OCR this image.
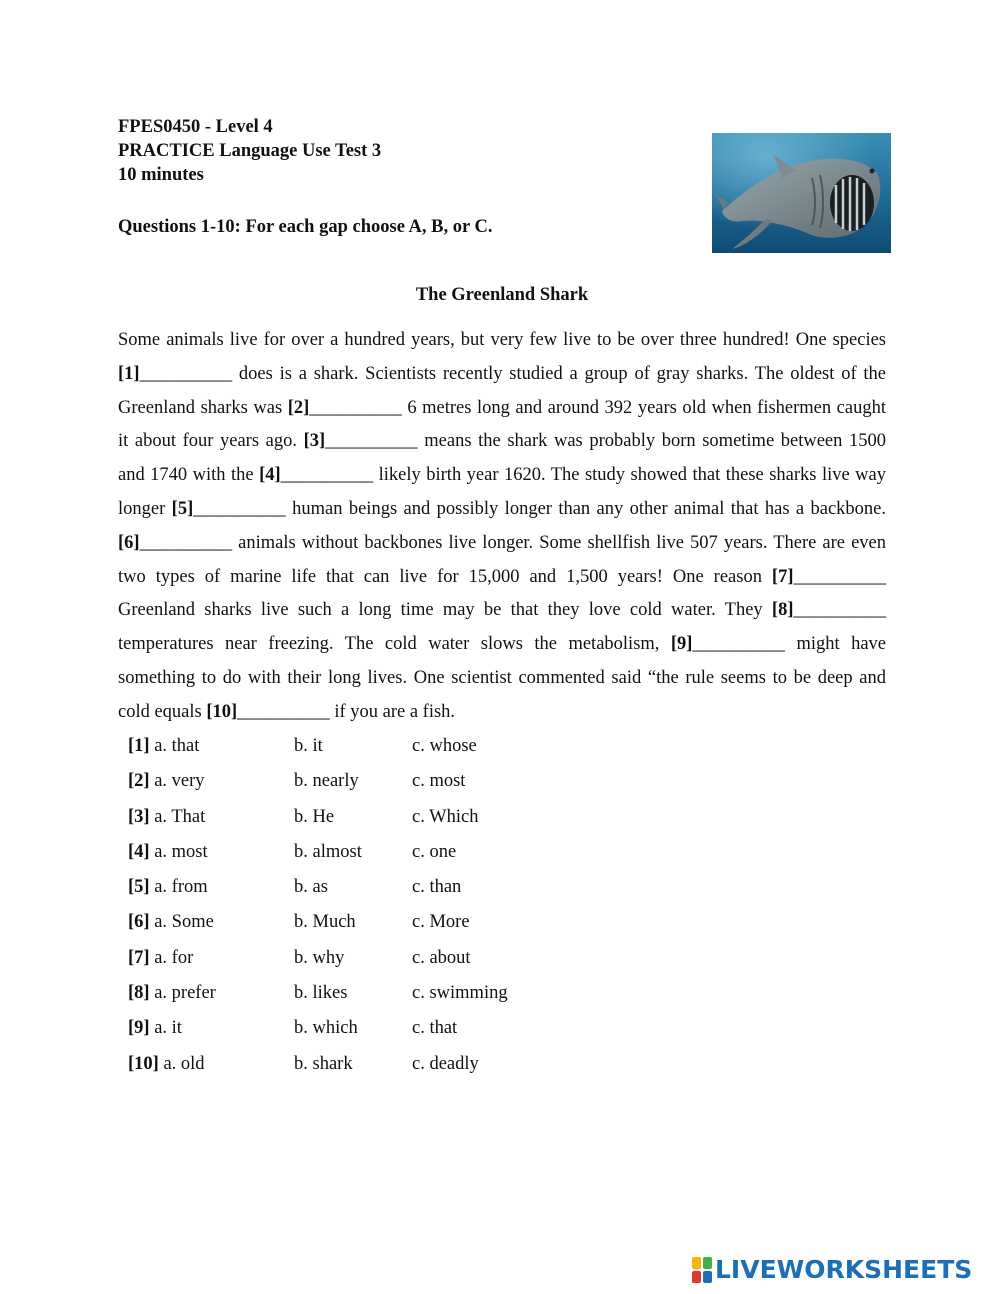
FPES0450 - Level 4
PRACTICE Language Use Test 3
10 minutes
Questions 1-10: For each gap choose A, B, or C.
The Greenland Shark
Some animals live for over a hundred years, but very few live to be over three hundred! One species [1]__________ does is a shark. Scientists recently studied a group of gray sharks. The oldest of the Greenland sharks was [2]__________ 6 metres long and around 392 years old when fishermen caught it about four years ago. [3]__________ means the shark was probably born sometime between 1500 and 1740 with the [4]__________ likely birth year 1620. The study showed that these sharks live way longer [5]__________ human beings and possibly longer than any other animal that has a backbone. [6]__________ animals without backbones live longer. Some shellfish live 507 years. There are even two types of marine life that can live for 15,000 and 1,500 years! One reason [7]__________ Greenland sharks live such a long time may be that they love cold water. They [8]__________ temperatures near freezing. The cold water slows the metabolism, [9]__________ might have something to do with their long lives. One scientist commented said “the rule seems to be deep and cold equals [10]__________ if you are a fish.
[1] a. that	b. it	c. whose
[2] a. very	b. nearly	c. most
[3] a. That	b. He	c. Which
[4] a. most	b. almost	c. one
[5] a. from	b. as	c. than
[6] a. Some	b. Much	c. More
[7] a. for	b. why	c. about
[8] a. prefer	b. likes	c. swimming
[9] a. it	b. which	c. that
[10] a. old	b. shark	c. deadly
LIVEWORKSHEETS
